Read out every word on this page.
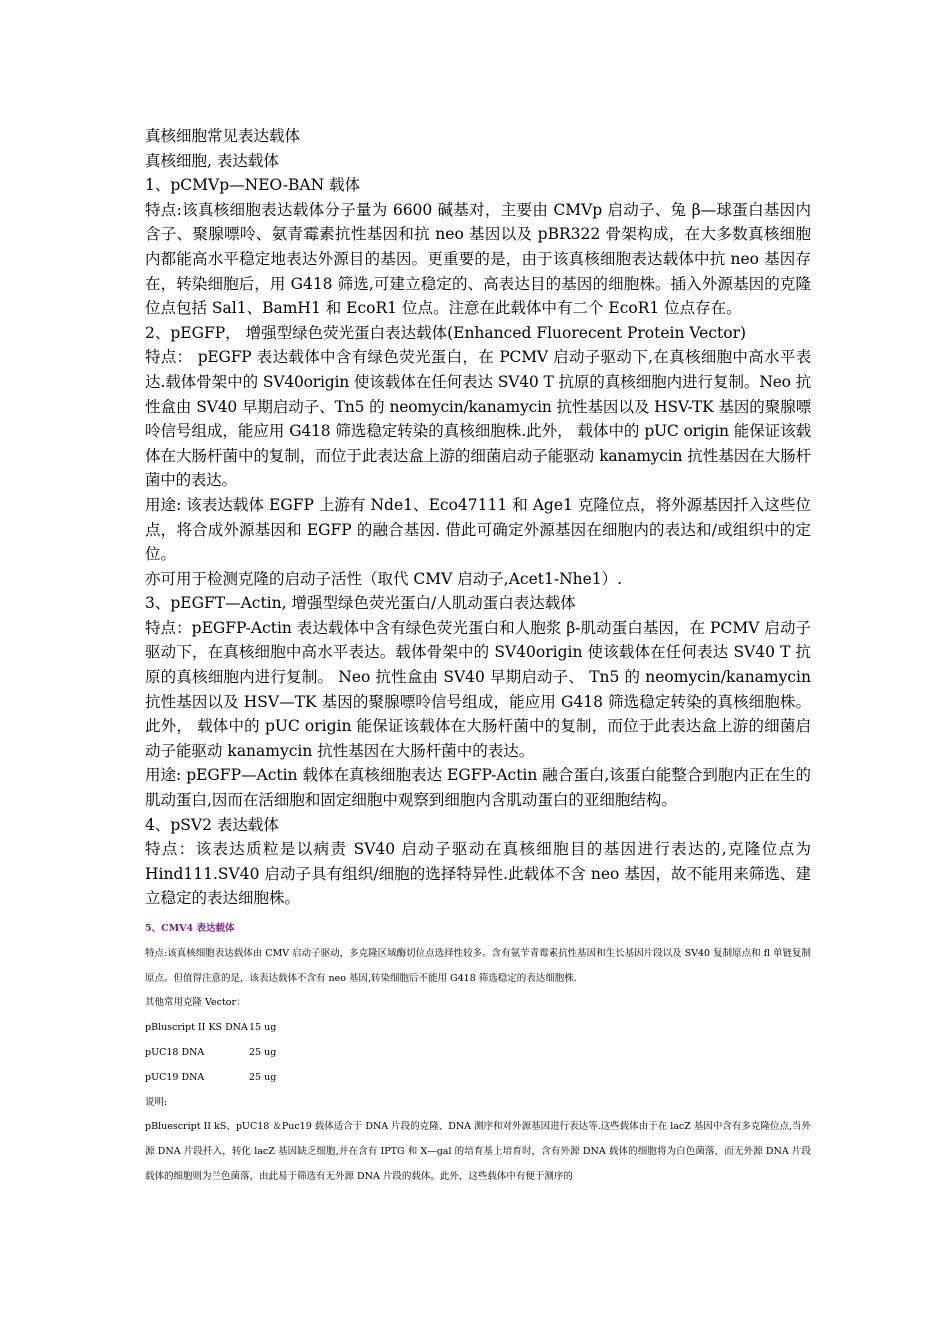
真核细胞常见表达载体

真核细胞, 表达载体

1、pCMVp—NEO-BAN 载体

特点:该真核细胞表达载体分子量为 6600 碱基对，主要由 CMVp 启动子、兔 β—球蛋白基因内含子、聚腺嘌呤、氨青霉素抗性基因和抗 neo 基因以及 pBR322 骨架构成，在大多数真核细胞内都能高水平稳定地表达外源目的基因。更重要的是，由于该真核细胞表达载体中抗 neo 基因存在，转染细胞后，用 G418 筛选,可建立稳定的、高表达目的基因的细胞株。插入外源基因的克隆位点包括 Sal1、BamH1 和 EcoR1 位点。注意在此载体中有二个 EcoR1 位点存在。

2、pEGFP， 增强型绿色荧光蛋白表达载体(Enhanced Fluorecent Protein Vector)

特点： pEGFP 表达载体中含有绿色荧光蛋白，在 PCMV 启动子驱动下,在真核细胞中高水平表达.载体骨架中的 SV40origin 使该载体在任何表达 SV40 T 抗原的真核细胞内进行复制。Neo 抗性盒由 SV40 早期启动子、Tn5 的 neomycin/kanamycin 抗性基因以及 HSV-TK 基因的聚腺嘌呤信号组成，能应用 G418 筛选稳定转染的真核细胞株.此外， 载体中的 pUC origin 能保证该载体在大肠杆菌中的复制，而位于此表达盒上游的细菌启动子能驱动 kanamycin 抗性基因在大肠杆菌中的表达。

用途: 该表达载体 EGFP 上游有 Nde1、Eco47111 和 Age1 克隆位点，将外源基因扦入这些位点，将合成外源基因和 EGFP 的融合基因. 借此可确定外源基因在细胞内的表达和/或组织中的定位。

亦可用于检测克隆的启动子活性（取代 CMV 启动子,Acet1-Nhe1）.

3、pEGFT—Actin, 增强型绿色荧光蛋白/人肌动蛋白表达载体

特点：pEGFP-Actin 表达载体中含有绿色荧光蛋白和人胞浆 β-肌动蛋白基因，在 PCMV 启动子驱动下，在真核细胞中高水平表达。载体骨架中的 SV40origin 使该载体在任何表达 SV40 T 抗原的真核细胞内进行复制。 Neo 抗性盒由 SV40 早期启动子、 Tn5 的 neomycin/kanamycin 抗性基因以及 HSV—TK 基因的聚腺嘌呤信号组成，能应用 G418 筛选稳定转染的真核细胞株。此外， 载体中的 pUC origin 能保证该载体在大肠杆菌中的复制，而位于此表达盒上游的细菌启动子能驱动 kanamycin 抗性基因在大肠杆菌中的表达。

用途: pEGFP—Actin 载体在真核细胞表达 EGFP-Actin 融合蛋白,该蛋白能整合到胞内正在生的肌动蛋白,因而在活细胞和固定细胞中观察到细胞内含肌动蛋白的亚细胞结构。

4、pSV2 表达载体

特点：该表达质粒是以病责 SV40 启动子驱动在真核细胞目的基因进行表达的,克隆位点为 Hind111.SV40 启动子具有组织/细胞的选择特异性.此载体不含 neo 基因，故不能用来筛选、建立稳定的表达细胞株。

5、CMV4 表达载体

特点:该真核细胞表达载体由 CMV 启动子驱动，多克隆区域酶切位点选择性较多。含有氨苄青霉素抗性基因和生长基因片段以及 SV40 复制原点和 fl 单链复制原点。但值得注意的是，该表达载体不含有 neo 基因,转染细胞后不能用 G418 筛选稳定的表达细胞株.

其他常用克隆 Vector：

pBluscript II KS DNA 15 ug

pUC18 DNA	25 ug

pUC19 DNA	25 ug

说明:

pBluescript II kS、pUC18 ＆Puc19 载体适合于 DNA 片段的克隆、DNA 测序和对外源基因进行表达等.这些载体由于在 lacZ 基因中含有多克隆位点,当外源 DNA 片段扦入，转化 lacZ 基因缺乏细胞,并在含有 IPTG 和 X—gal 的培育基上培育时，含有外源 DNA 载体的细胞将为白色菌落，而无外源 DNA 片段载体的细胞则为兰色菌落，由此易于筛选有无外源 DNA 片段的载体。此外，这些载体中有便于测序的
